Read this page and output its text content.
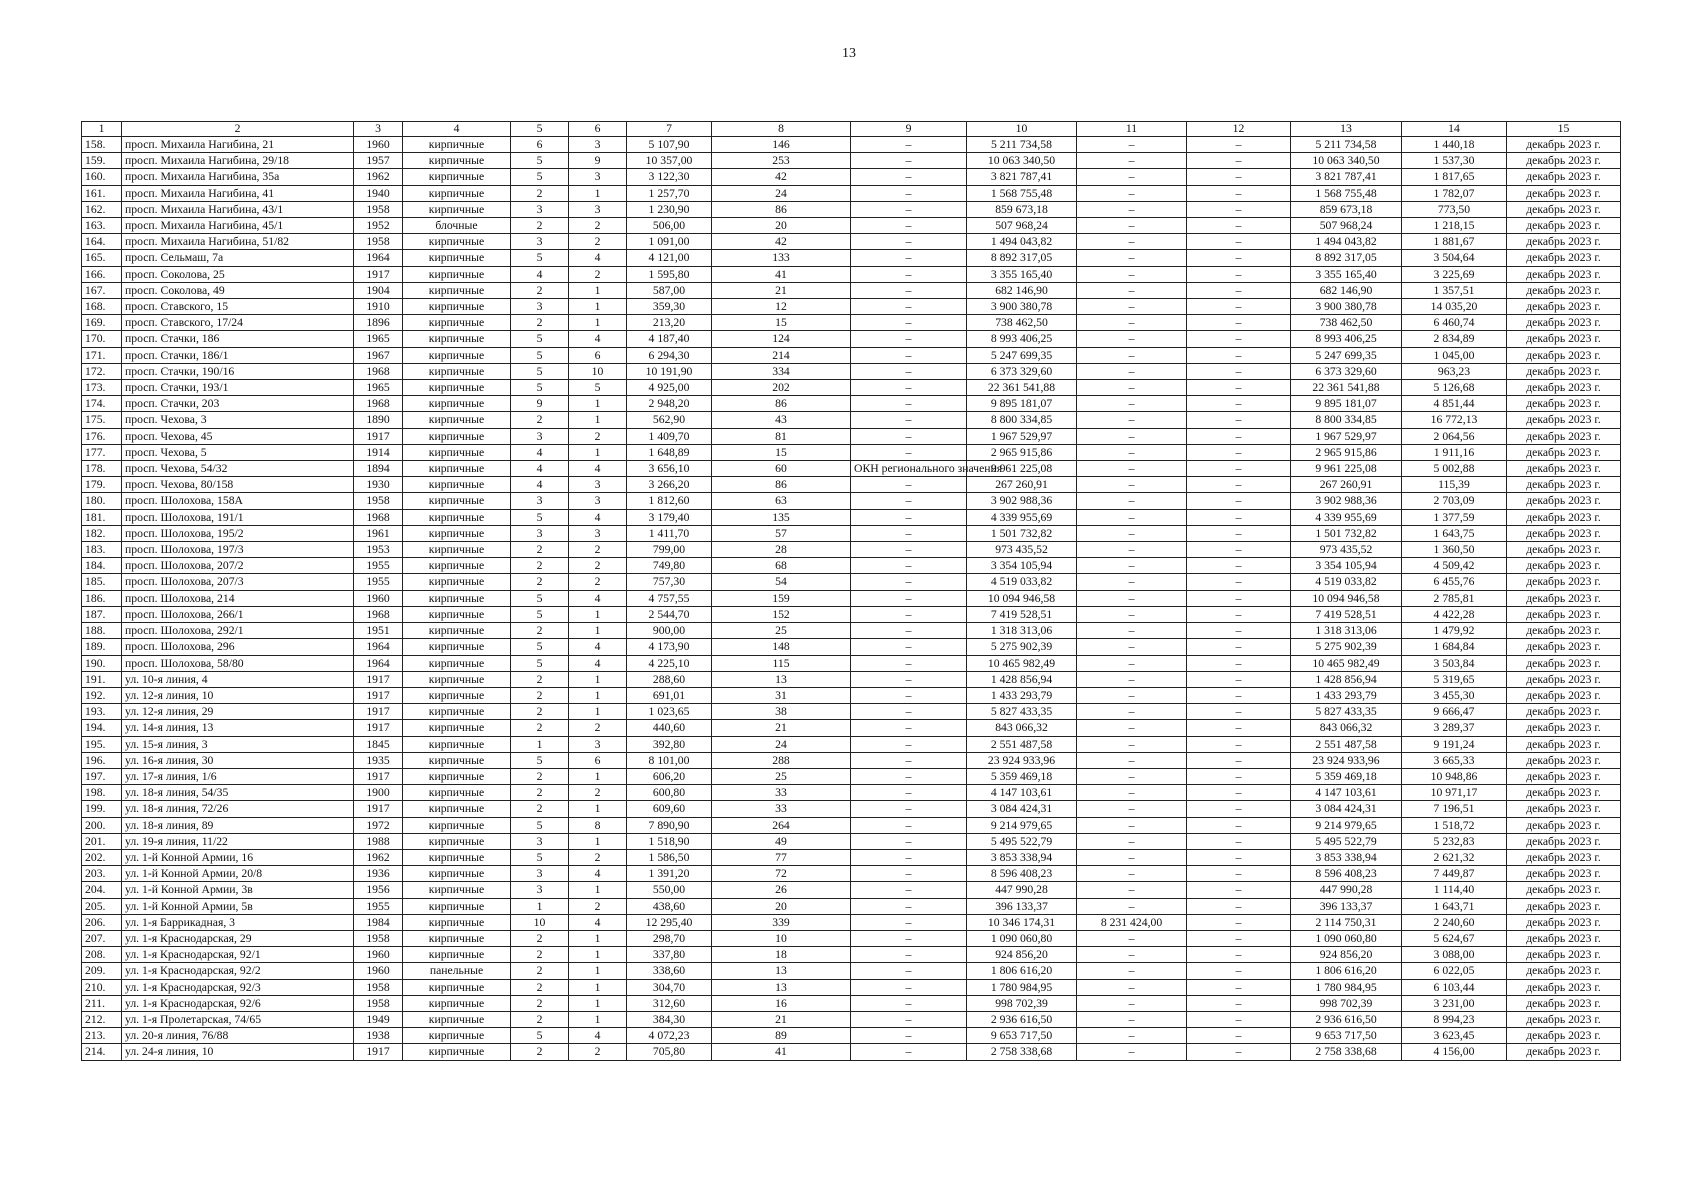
13
1	2	3	4	5	6	7	8	9	10	11	12	13	14	15
158.	просп. Михаила Нагибина, 21	1960	кирпичные	6	3	5 107,90	146	–	5 211 734,58	–	–	5 211 734,58	1 440,18	декабрь 2023 г.
159.	просп. Михаила Нагибина, 29/18	1957	кирпичные	5	9	10 357,00	253	–	10 063 340,50	–	–	10 063 340,50	1 537,30	декабрь 2023 г.
160.	просп. Михаила Нагибина, 35а	1962	кирпичные	5	3	3 122,30	42	–	3 821 787,41	–	–	3 821 787,41	1 817,65	декабрь 2023 г.
161.	просп. Михаила Нагибина, 41	1940	кирпичные	2	1	1 257,70	24	–	1 568 755,48	–	–	1 568 755,48	1 782,07	декабрь 2023 г.
162.	просп. Михаила Нагибина, 43/1	1958	кирпичные	3	3	1 230,90	86	–	859 673,18	–	–	859 673,18	773,50	декабрь 2023 г.
163.	просп. Михаила Нагибина, 45/1	1952	блочные	2	2	506,00	20	–	507 968,24	–	–	507 968,24	1 218,15	декабрь 2023 г.
164.	просп. Михаила Нагибина, 51/82	1958	кирпичные	3	2	1 091,00	42	–	1 494 043,82	–	–	1 494 043,82	1 881,67	декабрь 2023 г.
165.	просп. Сельмаш, 7а	1964	кирпичные	5	4	4 121,00	133	–	8 892 317,05	–	–	8 892 317,05	3 504,64	декабрь 2023 г.
166.	просп. Соколова, 25	1917	кирпичные	4	2	1 595,80	41	–	3 355 165,40	–	–	3 355 165,40	3 225,69	декабрь 2023 г.
167.	просп. Соколова, 49	1904	кирпичные	2	1	587,00	21	–	682 146,90	–	–	682 146,90	1 357,51	декабрь 2023 г.
168.	просп. Ставского, 15	1910	кирпичные	3	1	359,30	12	–	3 900 380,78	–	–	3 900 380,78	14 035,20	декабрь 2023 г.
169.	просп. Ставского, 17/24	1896	кирпичные	2	1	213,20	15	–	738 462,50	–	–	738 462,50	6 460,74	декабрь 2023 г.
170.	просп. Стачки, 186	1965	кирпичные	5	4	4 187,40	124	–	8 993 406,25	–	–	8 993 406,25	2 834,89	декабрь 2023 г.
171.	просп. Стачки, 186/1	1967	кирпичные	5	6	6 294,30	214	–	5 247 699,35	–	–	5 247 699,35	1 045,00	декабрь 2023 г.
172.	просп. Стачки, 190/16	1968	кирпичные	5	10	10 191,90	334	–	6 373 329,60	–	–	6 373 329,60	963,23	декабрь 2023 г.
173.	просп. Стачки, 193/1	1965	кирпичные	5	5	4 925,00	202	–	22 361 541,88	–	–	22 361 541,88	5 126,68	декабрь 2023 г.
174.	просп. Стачки, 203	1968	кирпичные	9	1	2 948,20	86	–	9 895 181,07	–	–	9 895 181,07	4 851,44	декабрь 2023 г.
175.	просп. Чехова, 3	1890	кирпичные	2	1	562,90	43	–	8 800 334,85	–	–	8 800 334,85	16 772,13	декабрь 2023 г.
176.	просп. Чехова, 45	1917	кирпичные	3	2	1 409,70	81	–	1 967 529,97	–	–	1 967 529,97	2 064,56	декабрь 2023 г.
177.	просп. Чехова, 5	1914	кирпичные	4	1	1 648,89	15	–	2 965 915,86	–	–	2 965 915,86	1 911,16	декабрь 2023 г.
178.	просп. Чехова, 54/32	1894	кирпичные	4	4	3 656,10	60	ОКН регионального значения	9 961 225,08	–	–	9 961 225,08	5 002,88	декабрь 2023 г.
179.	просп. Чехова, 80/158	1930	кирпичные	4	3	3 266,20	86	–	267 260,91	–	–	267 260,91	115,39	декабрь 2023 г.
180.	просп. Шолохова, 158А	1958	кирпичные	3	3	1 812,60	63	–	3 902 988,36	–	–	3 902 988,36	2 703,09	декабрь 2023 г.
181.	просп. Шолохова, 191/1	1968	кирпичные	5	4	3 179,40	135	–	4 339 955,69	–	–	4 339 955,69	1 377,59	декабрь 2023 г.
182.	просп. Шолохова, 195/2	1961	кирпичные	3	3	1 411,70	57	–	1 501 732,82	–	–	1 501 732,82	1 643,75	декабрь 2023 г.
183.	просп. Шолохова, 197/3	1953	кирпичные	2	2	799,00	28	–	973 435,52	–	–	973 435,52	1 360,50	декабрь 2023 г.
184.	просп. Шолохова, 207/2	1955	кирпичные	2	2	749,80	68	–	3 354 105,94	–	–	3 354 105,94	4 509,42	декабрь 2023 г.
185.	просп. Шолохова, 207/3	1955	кирпичные	2	2	757,30	54	–	4 519 033,82	–	–	4 519 033,82	6 455,76	декабрь 2023 г.
186.	просп. Шолохова, 214	1960	кирпичные	5	4	4 757,55	159	–	10 094 946,58	–	–	10 094 946,58	2 785,81	декабрь 2023 г.
187.	просп. Шолохова, 266/1	1968	кирпичные	5	1	2 544,70	152	–	7 419 528,51	–	–	7 419 528,51	4 422,28	декабрь 2023 г.
188.	просп. Шолохова, 292/1	1951	кирпичные	2	1	900,00	25	–	1 318 313,06	–	–	1 318 313,06	1 479,92	декабрь 2023 г.
189.	просп. Шолохова, 296	1964	кирпичные	5	4	4 173,90	148	–	5 275 902,39	–	–	5 275 902,39	1 684,84	декабрь 2023 г.
190.	просп. Шолохова, 58/80	1964	кирпичные	5	4	4 225,10	115	–	10 465 982,49	–	–	10 465 982,49	3 503,84	декабрь 2023 г.
191.	ул. 10-я линия, 4	1917	кирпичные	2	1	288,60	13	–	1 428 856,94	–	–	1 428 856,94	5 319,65	декабрь 2023 г.
192.	ул. 12-я линия, 10	1917	кирпичные	2	1	691,01	31	–	1 433 293,79	–	–	1 433 293,79	3 455,30	декабрь 2023 г.
193.	ул. 12-я линия, 29	1917	кирпичные	2	1	1 023,65	38	–	5 827 433,35	–	–	5 827 433,35	9 666,47	декабрь 2023 г.
194.	ул. 14-я линия, 13	1917	кирпичные	2	2	440,60	21	–	843 066,32	–	–	843 066,32	3 289,37	декабрь 2023 г.
195.	ул. 15-я линия, 3	1845	кирпичные	1	3	392,80	24	–	2 551 487,58	–	–	2 551 487,58	9 191,24	декабрь 2023 г.
196.	ул. 16-я линия, 30	1935	кирпичные	5	6	8 101,00	288	–	23 924 933,96	–	–	23 924 933,96	3 665,33	декабрь 2023 г.
197.	ул. 17-я линия, 1/6	1917	кирпичные	2	1	606,20	25	–	5 359 469,18	–	–	5 359 469,18	10 948,86	декабрь 2023 г.
198.	ул. 18-я линия, 54/35	1900	кирпичные	2	2	600,80	33	–	4 147 103,61	–	–	4 147 103,61	10 971,17	декабрь 2023 г.
199.	ул. 18-я линия, 72/26	1917	кирпичные	2	1	609,60	33	–	3 084 424,31	–	–	3 084 424,31	7 196,51	декабрь 2023 г.
200.	ул. 18-я линия, 89	1972	кирпичные	5	8	7 890,90	264	–	9 214 979,65	–	–	9 214 979,65	1 518,72	декабрь 2023 г.
201.	ул. 19-я линия, 11/22	1988	кирпичные	3	1	1 518,90	49	–	5 495 522,79	–	–	5 495 522,79	5 232,83	декабрь 2023 г.
202.	ул. 1-й Конной Армии, 16	1962	кирпичные	5	2	1 586,50	77	–	3 853 338,94	–	–	3 853 338,94	2 621,32	декабрь 2023 г.
203.	ул. 1-й Конной Армии, 20/8	1936	кирпичные	3	4	1 391,20	72	–	8 596 408,23	–	–	8 596 408,23	7 449,87	декабрь 2023 г.
204.	ул. 1-й Конной Армии, 3в	1956	кирпичные	3	1	550,00	26	–	447 990,28	–	–	447 990,28	1 114,40	декабрь 2023 г.
205.	ул. 1-й Конной Армии, 5в	1955	кирпичные	1	2	438,60	20	–	396 133,37	–	–	396 133,37	1 643,71	декабрь 2023 г.
206.	ул. 1-я Баррикадная, 3	1984	кирпичные	10	4	12 295,40	339	–	10 346 174,31	8 231 424,00	–	2 114 750,31	2 240,60	декабрь 2023 г.
207.	ул. 1-я Краснодарская, 29	1958	кирпичные	2	1	298,70	10	–	1 090 060,80	–	–	1 090 060,80	5 624,67	декабрь 2023 г.
208.	ул. 1-я Краснодарская, 92/1	1960	кирпичные	2	1	337,80	18	–	924 856,20	–	–	924 856,20	3 088,00	декабрь 2023 г.
209.	ул. 1-я Краснодарская, 92/2	1960	панельные	2	1	338,60	13	–	1 806 616,20	–	–	1 806 616,20	6 022,05	декабрь 2023 г.
210.	ул. 1-я Краснодарская, 92/3	1958	кирпичные	2	1	304,70	13	–	1 780 984,95	–	–	1 780 984,95	6 103,44	декабрь 2023 г.
211.	ул. 1-я Краснодарская, 92/6	1958	кирпичные	2	1	312,60	16	–	998 702,39	–	–	998 702,39	3 231,00	декабрь 2023 г.
212.	ул. 1-я Пролетарская, 74/65	1949	кирпичные	2	1	384,30	21	–	2 936 616,50	–	–	2 936 616,50	8 994,23	декабрь 2023 г.
213.	ул. 20-я линия, 76/88	1938	кирпичные	5	4	4 072,23	89	–	9 653 717,50	–	–	9 653 717,50	3 623,45	декабрь 2023 г.
214.	ул. 24-я линия, 10	1917	кирпичные	2	2	705,80	41	–	2 758 338,68	–	–	2 758 338,68	4 156,00	декабрь 2023 г.
